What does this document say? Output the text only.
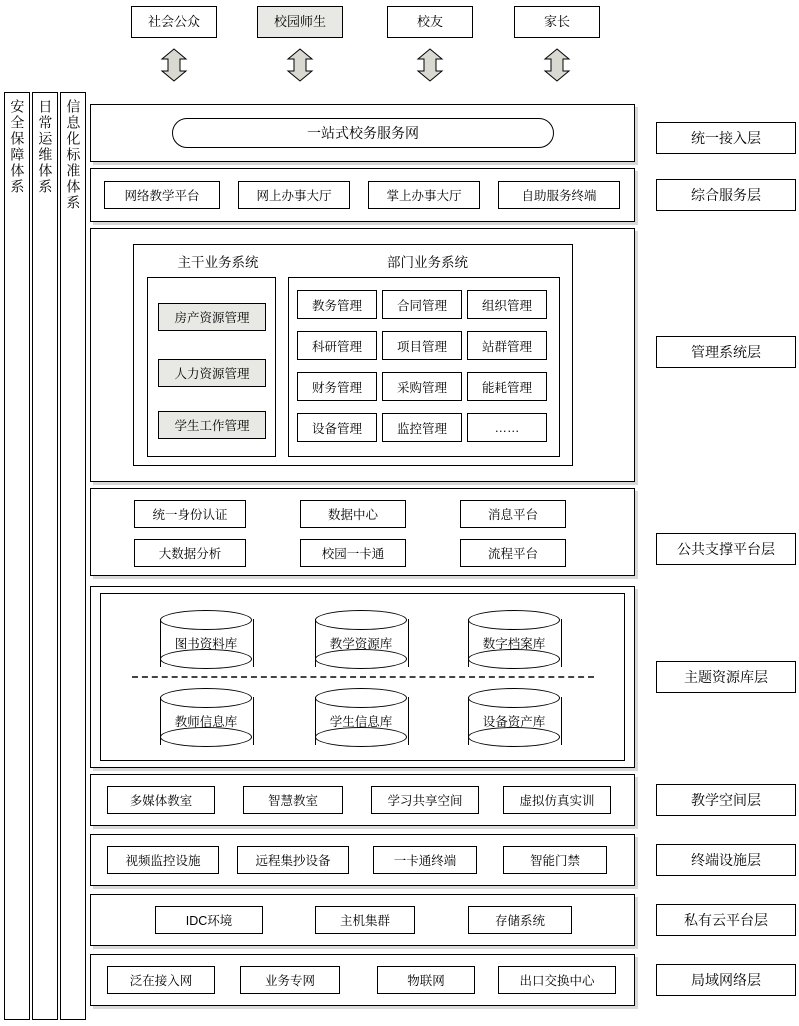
社会公众	校园师生	校友	家长
安全保障体系 日常运维体系 信息化标准体系	一站式校务服务网	统一接入层
网络教学平台	网上办事大厅	掌上办事大厅	自助服务终端	综合服务层
主干业务系统	部门业务系统
房产资源管理
人力资源管理
学生工作管理
教务管理	合同管理	组织管理
科研管理	项目管理	站群管理
财务管理	采购管理	能耗管理
设备管理	监控管理	……
管理系统层
统一身份认证	数据中心	消息平台
大数据分析	校园一卡通	流程平台	公共支撑平台层
图书资料库	教学资源库	数字档案库
教师信息库	学生信息库	设备资产库
主题资源库层
多媒体教室	智慧教室	学习共享空间	虚拟仿真实训	教学空间层
视频监控设施	远程集抄设备	一卡通终端	智能门禁	终端设施层
IDC环境	主机集群	存储系统	私有云平台层
泛在接入网	业务专网	物联网	出口交换中心	局域网络层
